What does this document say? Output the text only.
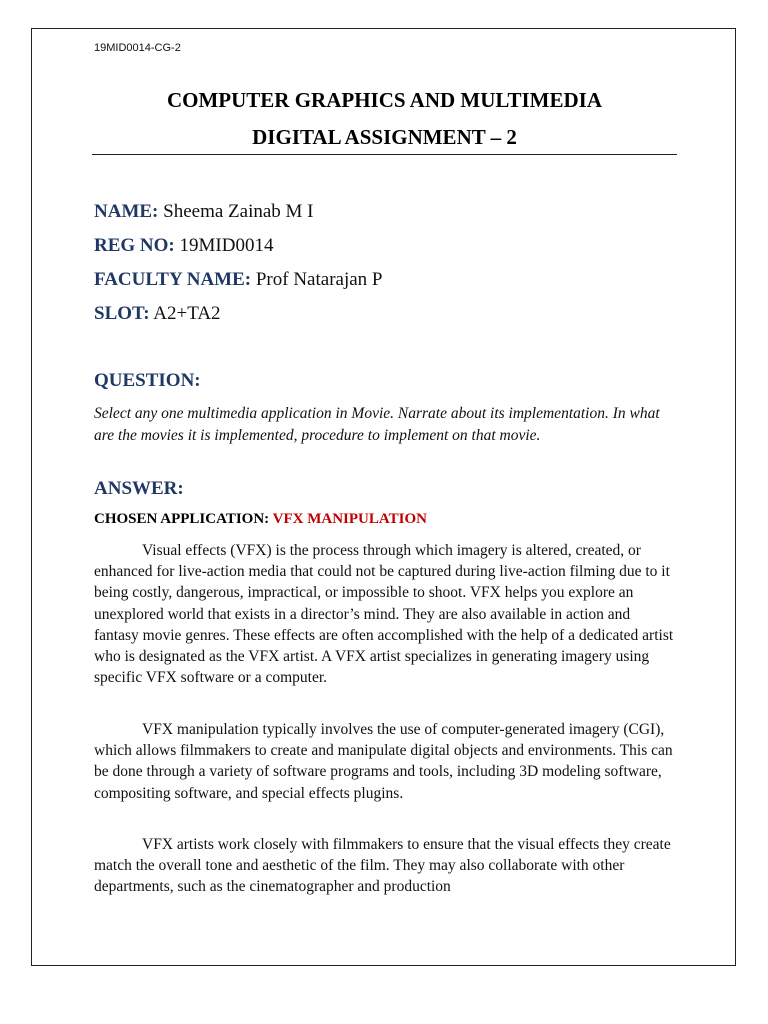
19MID0014-CG-2
COMPUTER GRAPHICS AND MULTIMEDIA
DIGITAL ASSIGNMENT – 2
NAME: Sheema Zainab M I
REG NO: 19MID0014
FACULTY NAME: Prof Natarajan P
SLOT: A2+TA2
QUESTION:
Select any one multimedia application in Movie. Narrate about its implementation. In what are the movies it is implemented, procedure to implement on that movie.
ANSWER:
CHOSEN APPLICATION: VFX MANIPULATION

Visual effects (VFX) is the process through which imagery is altered, created, or enhanced for live-action media that could not be captured during live-action filming due to it being costly, dangerous, impractical, or impossible to shoot. VFX helps you explore an unexplored world that exists in a director’s mind. They are also available in action and fantasy movie genres. These effects are often accomplished with the help of a dedicated artist who is designated as the VFX artist. A VFX artist specializes in generating imagery using specific VFX software or a computer.

VFX manipulation typically involves the use of computer-generated imagery (CGI), which allows filmmakers to create and manipulate digital objects and environments. This can be done through a variety of software programs and tools, including 3D modeling software, compositing software, and special effects plugins.

VFX artists work closely with filmmakers to ensure that the visual effects they create match the overall tone and aesthetic of the film. They may also collaborate with other departments, such as the cinematographer and production
